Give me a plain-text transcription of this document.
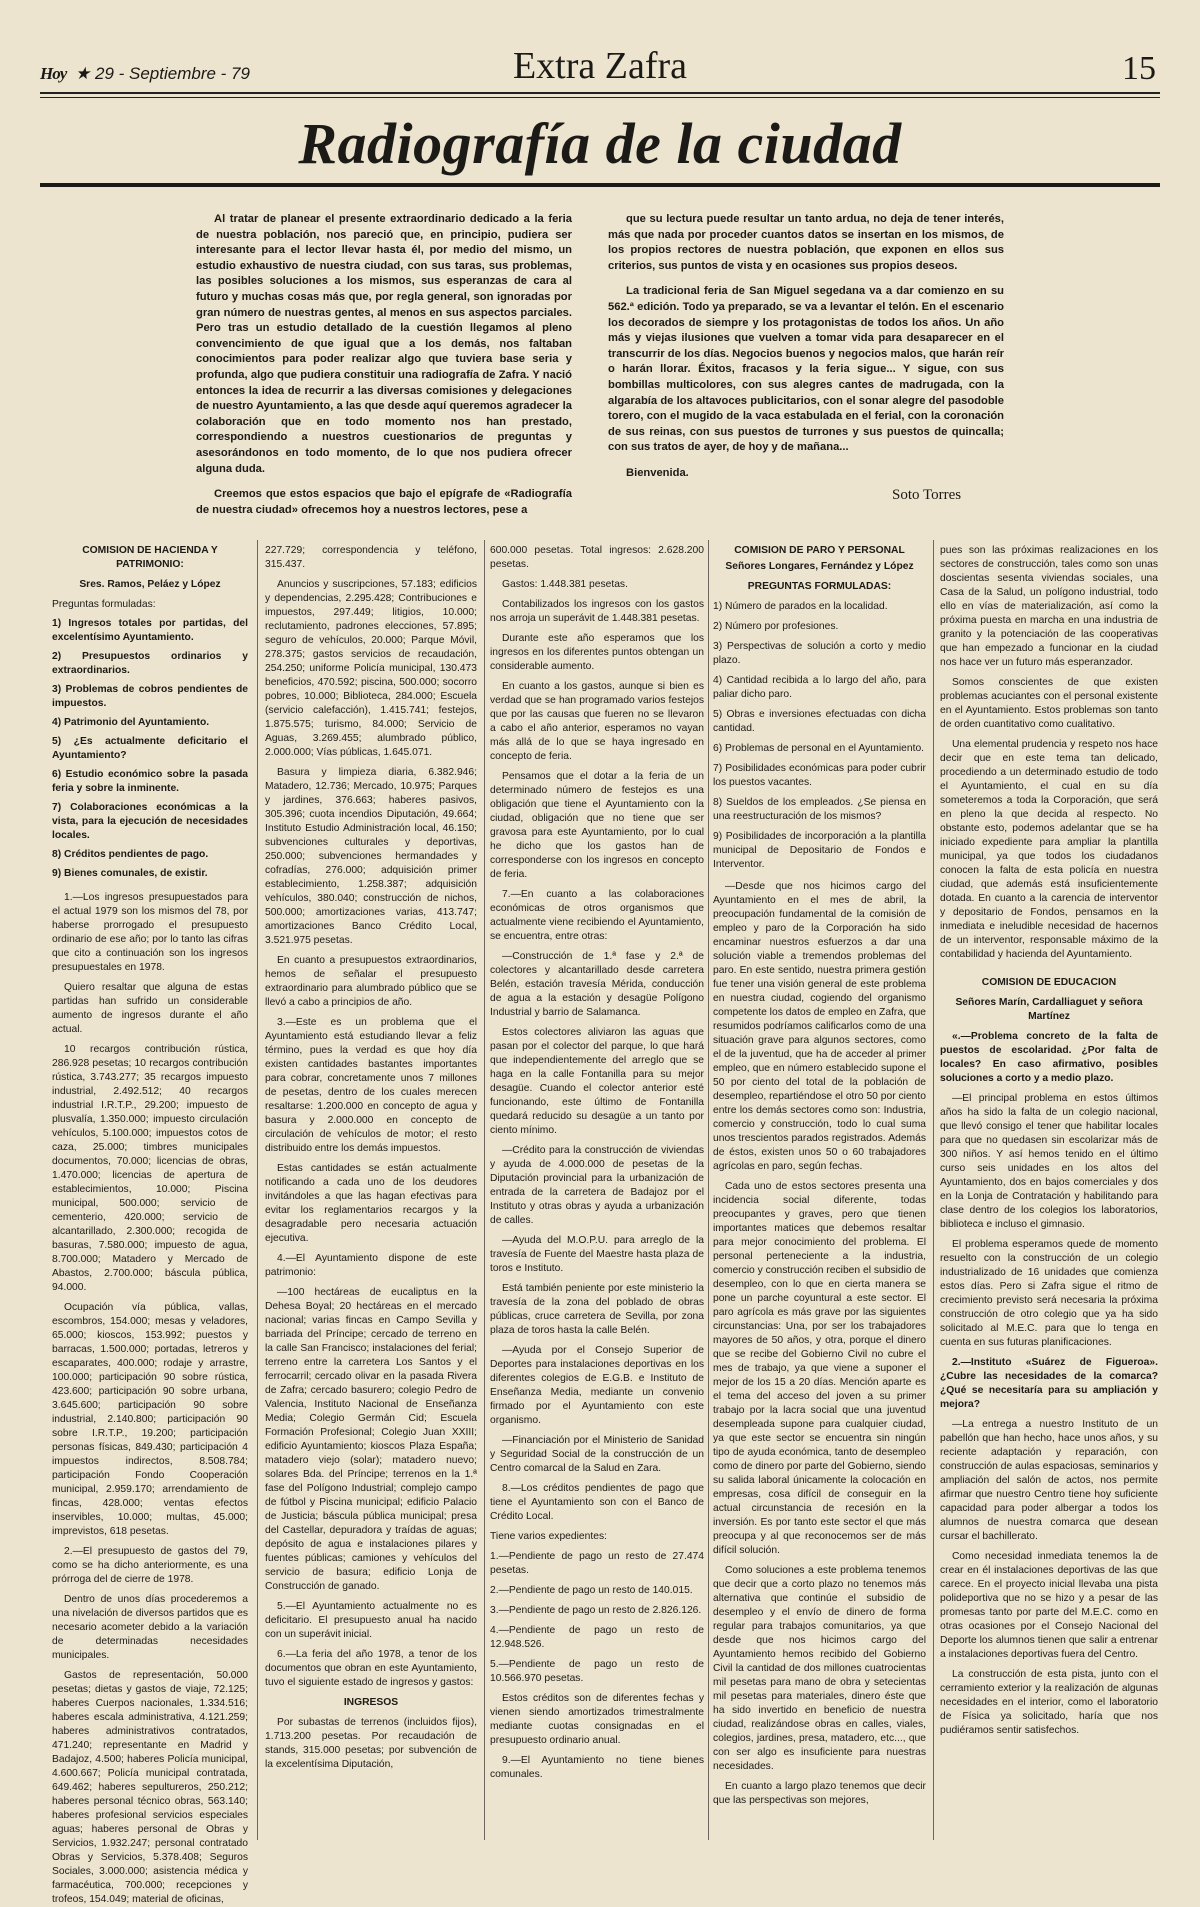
Hoy ★ 29 - Septiembre - 79	Extra Zafra	15
Radiografía de la ciudad

Al tratar de planear el presente extraordinario dedicado a la feria de nuestra población, nos pareció que, en principio, pudiera ser interesante para el lector llevar hasta él, por medio del mismo, un estudio exhaustivo de nuestra ciudad, con sus taras, sus problemas, las posibles soluciones a los mismos, sus esperanzas de cara al futuro y muchas cosas más que, por regla general, son ignoradas por gran número de nuestras gentes, al menos en sus aspectos parciales. Pero tras un estudio detallado de la cuestión llegamos al pleno convencimiento de que igual que a los demás, nos faltaban conocimientos para poder realizar algo que tuviera base seria y profunda, algo que pudiera constituir una radiografía de Zafra. Y nació entonces la idea de recurrir a las diversas comisiones y delegaciones de nuestro Ayuntamiento, a las que desde aquí queremos agradecer la colaboración que en todo momento nos han prestado, correspondiendo a nuestros cuestionarios de preguntas y asesorándonos en todo momento, de lo que nos pudiera ofrecer alguna duda.

Creemos que estos espacios que bajo el epígrafe de «Radiografía de nuestra ciudad» ofrecemos hoy a nuestros lectores, pese a

que su lectura puede resultar un tanto ardua, no deja de tener interés, más que nada por proceder cuantos datos se insertan en los mismos, de los propios rectores de nuestra población, que exponen en ellos sus criterios, sus puntos de vista y en ocasiones sus propios deseos.

La tradicional feria de San Miguel segedana va a dar comienzo en su 562.ª edición. Todo ya preparado, se va a levantar el telón. En el escenario los decorados de siempre y los protagonistas de todos los años. Un año más y viejas ilusiones que vuelven a tomar vida para desaparecer en el transcurrir de los días. Negocios buenos y negocios malos, que harán reír o harán llorar. Éxitos, fracasos y la feria sigue... Y sigue, con sus bombillas multicolores, con sus alegres cantes de madrugada, con la algarabía de los altavoces publicitarios, con el sonar alegre del pasodoble torero, con el mugido de la vaca estabulada en el ferial, con la coronación de sus reinas, con sus puestos de turrones y sus puestos de quincalla; con sus tratos de ayer, de hoy y de mañana...

Bienvenida.

Soto Torres

COMISION DE HACIENDA Y PATRIMONIO:

Sres. Ramos, Peláez y López

Preguntas formuladas:

1) Ingresos totales por partidas, del excelentísimo Ayuntamiento.

2) Presupuestos ordinarios y extraordinarios.

3) Problemas de cobros pendientes de impuestos.

4) Patrimonio del Ayuntamiento.

5) ¿Es actualmente deficitario el Ayuntamiento?

6) Estudio económico sobre la pasada feria y sobre la inminente.

7) Colaboraciones económicas a la vista, para la ejecución de necesidades locales.

8) Créditos pendientes de pago.

9) Bienes comunales, de existir.

1.—Los ingresos presupuestados para el actual 1979 son los mismos del 78, por haberse prorrogado el presupuesto ordinario de ese año; por lo tanto las cifras que cito a continuación son los ingresos presupuestales en 1978.

Quiero resaltar que alguna de estas partidas han sufrido un considerable aumento de ingresos durante el año actual.

10 recargos contribución rústica, 286.928 pesetas; 10 recargos contribución rústica, 3.743.277; 35 recargos impuesto industrial, 2.492.512; 40 recargos industrial I.R.T.P., 29.200; impuesto de plusvalía, 1.350.000; impuesto circulación vehículos, 5.100.000; impuestos cotos de caza, 25.000; timbres municipales documentos, 70.000; licencias de obras, 1.470.000; licencias de apertura de establecimientos, 10.000; Piscina municipal, 500.000; servicio de cementerio, 420.000; servicio de alcantarillado, 2.300.000; recogida de basuras, 7.580.000; impuesto de agua, 8.700.000; Matadero y Mercado de Abastos, 2.700.000; báscula pública, 94.000.

Ocupación vía pública, vallas, escombros, 154.000; mesas y veladores, 65.000; kioscos, 153.992; puestos y barracas, 1.500.000; portadas, letreros y escaparates, 400.000; rodaje y arrastre, 100.000; participación 90 sobre rústica, 423.600; participación 90 sobre urbana, 3.645.600; participación 90 sobre industrial, 2.140.800; participación 90 sobre I.R.T.P., 19.200; participación personas físicas, 849.430; participación 4 impuestos indirectos, 8.508.784; participación Fondo Cooperación municipal, 2.959.170; arrendamiento de fincas, 428.000; ventas efectos inservibles, 10.000; multas, 45.000; imprevistos, 618 pesetas.

2.—El presupuesto de gastos del 79, como se ha dicho anteriormente, es una prórroga del de cierre de 1978.

Dentro de unos días procederemos a una nivelación de diversos partidos que es necesario acometer debido a la variación de determinadas necesidades municipales.

Gastos de representación, 50.000 pesetas; dietas y gastos de viaje, 72.125; haberes Cuerpos nacionales, 1.334.516; haberes escala administrativa, 4.121.259; haberes administrativos contratados, 471.240; representante en Madrid y Badajoz, 4.500; haberes Policía municipal, 4.600.667; Policía municipal contratada, 649.462; haberes sepultureros, 250.212; haberes personal técnico obras, 563.140; haberes profesional servicios especiales aguas; haberes personal de Obras y Servicios, 1.932.247; personal contratado Obras y Servicios, 5.378.408; Seguros Sociales, 3.000.000; asistencia médica y farmacéutica, 700.000; recepciones y trofeos, 154.049; material de oficinas,

227.729; correspondencia y teléfono, 315.437.

Anuncios y suscripciones, 57.183; edificios y dependencias, 2.295.428; Contribuciones e impuestos, 297.449; litigios, 10.000; reclutamiento, padrones elecciones, 57.895; seguro de vehículos, 20.000; Parque Móvil, 278.375; gastos servicios de recaudación, 254.250; uniforme Policía municipal, 130.473 beneficios, 470.592; piscina, 500.000; socorro pobres, 10.000; Biblioteca, 284.000; Escuela (servicio calefacción), 1.415.741; festejos, 1.875.575; turismo, 84.000; Servicio de Aguas, 3.269.455; alumbrado público, 2.000.000; Vías públicas, 1.645.071.

Basura y limpieza diaria, 6.382.946; Matadero, 12.736; Mercado, 10.975; Parques y jardines, 376.663; haberes pasivos, 305.396; cuota incendios Diputación, 49.664; Instituto Estudio Administración local, 46.150; subvenciones culturales y deportivas, 250.000; subvenciones hermandades y cofradías, 276.000; adquisición primer establecimiento, 1.258.387; adquisición vehículos, 380.040; construcción de nichos, 500.000; amortizaciones varias, 413.747; amortizaciones Banco Crédito Local, 3.521.975 pesetas.

En cuanto a presupuestos extraordinarios, hemos de señalar el presupuesto extraordinario para alumbrado público que se llevó a cabo a principios de año.

3.—Este es un problema que el Ayuntamiento está estudiando llevar a feliz término, pues la verdad es que hoy día existen cantidades bastantes importantes para cobrar, concretamente unos 7 millones de pesetas, dentro de los cuales merecen resaltarse: 1.200.000 en concepto de agua y basura y 2.000.000 en concepto de circulación de vehículos de motor; el resto distribuido entre los demás impuestos.

Estas cantidades se están actualmente notificando a cada uno de los deudores invitándoles a que las hagan efectivas para evitar los reglamentarios recargos y la desagradable pero necesaria actuación ejecutiva.

4.—El Ayuntamiento dispone de este patrimonio:

—100 hectáreas de eucaliptus en la Dehesa Boyal; 20 hectáreas en el mercado nacional; varias fincas en Campo Sevilla y barriada del Príncipe; cercado de terreno en la calle San Francisco; instalaciones del ferial; terreno entre la carretera Los Santos y el ferrocarril; cercado olivar en la pasada Rivera de Zafra; cercado basurero; colegio Pedro de Valencia, Instituto Nacional de Enseñanza Media; Colegio Germán Cid; Escuela Formación Profesional; Colegio Juan XXIII; edificio Ayuntamiento; kioscos Plaza España; matadero viejo (solar); matadero nuevo; solares Bda. del Príncipe; terrenos en la 1.ª fase del Polígono Industrial; complejo campo de fútbol y Piscina municipal; edificio Palacio de Justicia; báscula pública municipal; presa del Castellar, depuradora y traídas de aguas; depósito de agua e instalaciones pilares y fuentes públicas; camiones y vehículos del servicio de basura; edificio Lonja de Construcción de ganado.

5.—El Ayuntamiento actualmente no es deficitario. El presupuesto anual ha nacido con un superávit inicial.

6.—La feria del año 1978, a tenor de los documentos que obran en este Ayuntamiento, tuvo el siguiente estado de ingresos y gastos:

INGRESOS

Por subastas de terrenos (incluidos fijos), 1.713.200 pesetas. Por recaudación de stands, 315.000 pesetas; por subvención de la excelentísima Diputación,

600.000 pesetas. Total ingresos: 2.628.200 pesetas.

Gastos: 1.448.381 pesetas.

Contabilizados los ingresos con los gastos nos arroja un superávit de 1.448.381 pesetas.

Durante este año esperamos que los ingresos en los diferentes puntos obtengan un considerable aumento.

En cuanto a los gastos, aunque si bien es verdad que se han programado varios festejos que por las causas que fueren no se llevaron a cabo el año anterior, esperamos no vayan más allá de lo que se haya ingresado en concepto de feria.

Pensamos que el dotar a la feria de un determinado número de festejos es una obligación que tiene el Ayuntamiento con la ciudad, obligación que no tiene que ser gravosa para este Ayuntamiento, por lo cual he dicho que los gastos han de corresponderse con los ingresos en concepto de feria.

7.—En cuanto a las colaboraciones económicas de otros organismos que actualmente viene recibiendo el Ayuntamiento, se encuentra, entre otras:

—Construcción de 1.ª fase y 2.ª de colectores y alcantarillado desde carretera Belén, estación travesía Mérida, conducción de agua a la estación y desagüe Polígono Industrial y barrio de Salamanca.

Estos colectores aliviaron las aguas que pasan por el colector del parque, lo que hará que independientemente del arreglo que se haga en la calle Fontanilla para su mejor desagüe. Cuando el colector anterior esté funcionando, este último de Fontanilla quedará reducido su desagüe a un tanto por ciento mínimo.

—Crédito para la construcción de viviendas y ayuda de 4.000.000 de pesetas de la Diputación provincial para la urbanización de entrada de la carretera de Badajoz por el Instituto y otras obras y ayuda a urbanización de calles.

—Ayuda del M.O.P.U. para arreglo de la travesía de Fuente del Maestre hasta plaza de toros e Instituto.

Está también peniente por este ministerio la travesía de la zona del poblado de obras públicas, cruce carretera de Sevilla, por zona plaza de toros hasta la calle Belén.

—Ayuda por el Consejo Superior de Deportes para instalaciones deportivas en los diferentes colegios de E.G.B. e Instituto de Enseñanza Media, mediante un convenio firmado por el Ayuntamiento con este organismo.

—Financiación por el Ministerio de Sanidad y Seguridad Social de la construcción de un Centro comarcal de la Salud en Zara.

8.—Los créditos pendientes de pago que tiene el Ayuntamiento son con el Banco de Crédito Local.

Tiene varios expedientes:

1.—Pendiente de pago un resto de 27.474 pesetas.

2.—Pendiente de pago un resto de 140.015.

3.—Pendiente de pago un resto de 2.826.126.

4.—Pendiente de pago un resto de 12.948.526.

5.—Pendiente de pago un resto de 10.566.970 pesetas.

Estos créditos son de diferentes fechas y vienen siendo amortizados trimestralmente mediante cuotas consignadas en el presupuesto ordinario anual.

9.—El Ayuntamiento no tiene bienes comunales.

COMISION DE PARO Y PERSONAL

Señores Longares, Fernández y López

PREGUNTAS FORMULADAS:

1) Número de parados en la localidad.

2) Número por profesiones.

3) Perspectivas de solución a corto y medio plazo.

4) Cantidad recibida a lo largo del año, para paliar dicho paro.

5) Obras e inversiones efectuadas con dicha cantidad.

6) Problemas de personal en el Ayuntamiento.

7) Posibilidades económicas para poder cubrir los puestos vacantes.

8) Sueldos de los empleados. ¿Se piensa en una reestructuración de los mismos?

9) Posibilidades de incorporación a la plantilla municipal de Depositario de Fondos e Interventor.

—Desde que nos hicimos cargo del Ayuntamiento en el mes de abril, la preocupación fundamental de la comisión de empleo y paro de la Corporación ha sido encaminar nuestros esfuerzos a dar una solución viable a tremendos problemas del paro. En este sentido, nuestra primera gestión fue tener una visión general de este problema en nuestra ciudad, cogiendo del organismo competente los datos de empleo en Zafra, que resumidos podríamos calificarlos como de una situación grave para algunos sectores, como el de la juventud, que ha de acceder al primer empleo, que en número establecido supone el 50 por ciento del total de la población de desempleo, repartiéndose el otro 50 por ciento entre los demás sectores como son: Industria, comercio y construcción, todo lo cual suma unos trescientos parados registrados. Además de éstos, existen unos 50 o 60 trabajadores agrícolas en paro, según fechas.

Cada uno de estos sectores presenta una incidencia social diferente, todas preocupantes y graves, pero que tienen importantes matices que debemos resaltar para mejor conocimiento del problema. El personal perteneciente a la industria, comercio y construcción reciben el subsidio de desempleo, con lo que en cierta manera se pone un parche coyuntural a este sector. El paro agrícola es más grave por las siguientes circunstancias: Una, por ser los trabajadores mayores de 50 años, y otra, porque el dinero que se recibe del Gobierno Civil no cubre el mes de trabajo, ya que viene a suponer el mejor de los 15 a 20 días. Mención aparte es el tema del acceso del joven a su primer trabajo por la lacra social que una juventud desempleada supone para cualquier ciudad, ya que este sector se encuentra sin ningún tipo de ayuda económica, tanto de desempleo como de dinero por parte del Gobierno, siendo su salida laboral únicamente la colocación en empresas, cosa difícil de conseguir en la actual circunstancia de recesión en la inversión. Es por tanto este sector el que más preocupa y al que reconocemos ser de más difícil solución.

Como soluciones a este problema tenemos que decir que a corto plazo no tenemos más alternativa que continúe el subsidio de desempleo y el envío de dinero de forma regular para trabajos comunitarios, ya que desde que nos hicimos cargo del Ayuntamiento hemos recibido del Gobierno Civil la cantidad de dos millones cuatrocientas mil pesetas para mano de obra y setecientas mil pesetas para materiales, dinero éste que ha sido invertido en beneficio de nuestra ciudad, realizándose obras en calles, viales, colegios, jardines, presa, matadero, etc..., que con ser algo es insuficiente para nuestras necesidades.

En cuanto a largo plazo tenemos que decir que las perspectivas son mejores,

pues son las próximas realizaciones en los sectores de construcción, tales como son unas doscientas sesenta viviendas sociales, una Casa de la Salud, un polígono industrial, todo ello en vías de materialización, así como la próxima puesta en marcha en una industria de granito y la potenciación de las cooperativas que han empezado a funcionar en la ciudad nos hace ver un futuro más esperanzador.

Somos conscientes de que existen problemas acuciantes con el personal existente en el Ayuntamiento. Estos problemas son tanto de orden cuantitativo como cualitativo.

Una elemental prudencia y respeto nos hace decir que en este tema tan delicado, procediendo a un determinado estudio de todo el Ayuntamiento, el cual en su día someteremos a toda la Corporación, que será en pleno la que decida al respecto. No obstante esto, podemos adelantar que se ha iniciado expediente para ampliar la plantilla municipal, ya que todos los ciudadanos conocen la falta de esta policía en nuestra ciudad, que además está insuficientemente dotada. En cuanto a la carencia de interventor y depositario de Fondos, pensamos en la inmediata e ineludible necesidad de hacernos de un interventor, responsable máximo de la contabilidad y hacienda del Ayuntamiento.

COMISION DE EDUCACION

Señores Marín, Cardalliaguet y señora Martínez

«.—Problema concreto de la falta de puestos de escolaridad. ¿Por falta de locales? En caso afirmativo, posibles soluciones a corto y a medio plazo.

—El principal problema en estos últimos años ha sido la falta de un colegio nacional, que llevó consigo el tener que habilitar locales para que no quedasen sin escolarizar más de 300 niños. Y así hemos tenido en el último curso seis unidades en los altos del Ayuntamiento, dos en bajos comerciales y dos en la Lonja de Contratación y habilitando para clase dentro de los colegios los laboratorios, biblioteca e incluso el gimnasio.

El problema esperamos quede de momento resuelto con la construcción de un colegio industrializado de 16 unidades que comienza estos días. Pero si Zafra sigue el ritmo de crecimiento previsto será necesaria la próxima construcción de otro colegio que ya ha sido solicitado al M.E.C. para que lo tenga en cuenta en sus futuras planificaciones.

2.—Instituto «Suárez de Figueroa». ¿Cubre las necesidades de la comarca? ¿Qué se necesitaría para su ampliación y mejora?

—La entrega a nuestro Instituto de un pabellón que han hecho, hace unos años, y su reciente adaptación y reparación, con construcción de aulas espaciosas, seminarios y ampliación del salón de actos, nos permite afirmar que nuestro Centro tiene hoy suficiente capacidad para poder albergar a todos los alumnos de nuestra comarca que desean cursar el bachillerato.

Como necesidad inmediata tenemos la de crear en él instalaciones deportivas de las que carece. En el proyecto inicial llevaba una pista polideportiva que no se hizo y a pesar de las promesas tanto por parte del M.E.C. como en otras ocasiones por el Consejo Nacional del Deporte los alumnos tienen que salir a entrenar a instalaciones deportivas fuera del Centro.

La construcción de esta pista, junto con el cerramiento exterior y la realización de algunas necesidades en el interior, como el laboratorio de Física ya solicitado, haría que nos pudiéramos sentir satisfechos.
